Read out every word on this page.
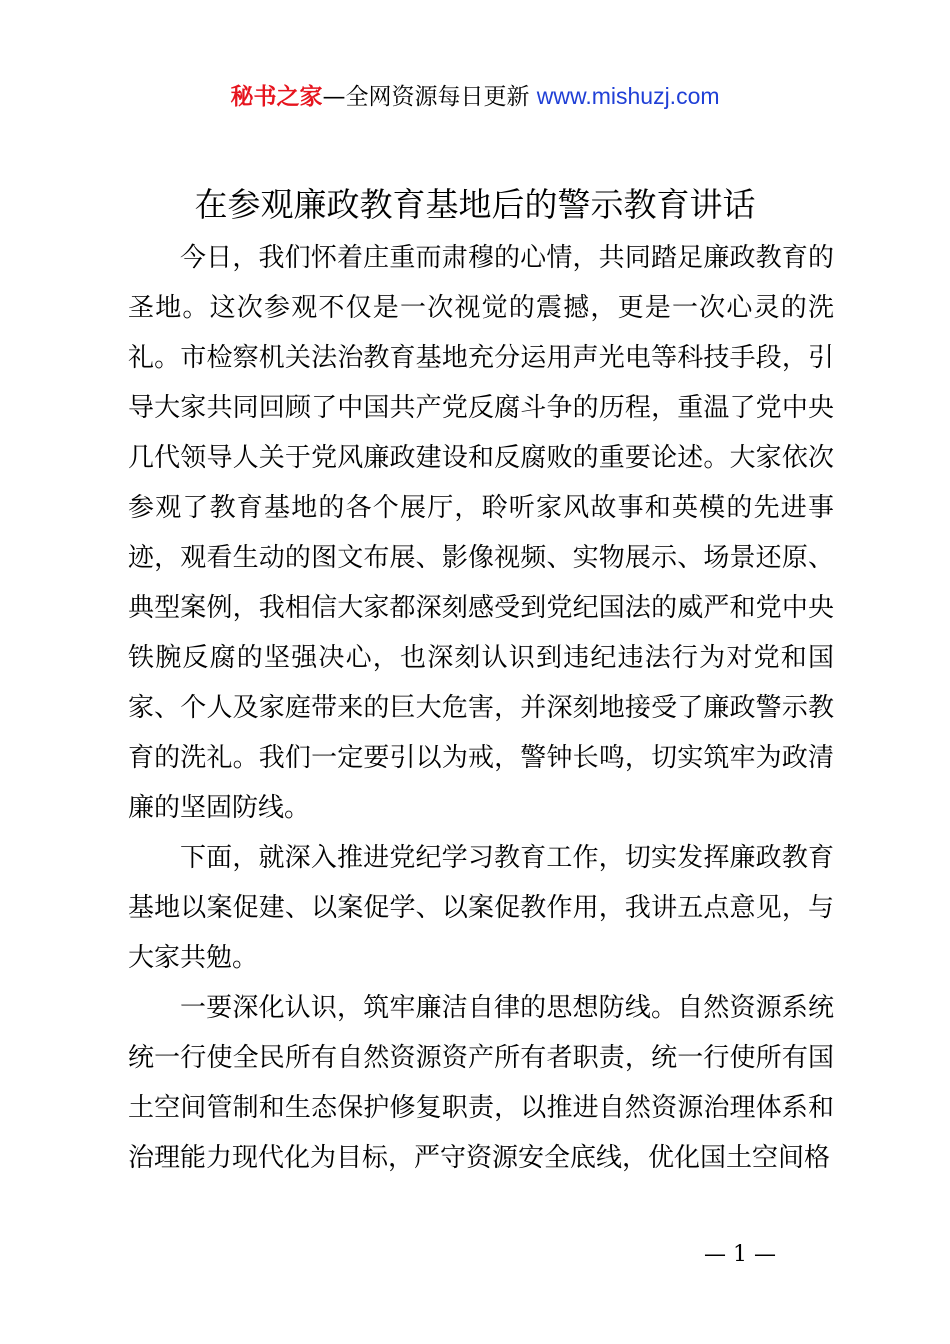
秘书之家—全网资源每日更新 www.mishuzj.com
在参观廉政教育基地后的警示教育讲话

今日，我们怀着庄重而肃穆的心情，共同踏足廉政教育的圣地。这次参观不仅是一次视觉的震撼，更是一次心灵的洗礼。市检察机关法治教育基地充分运用声光电等科技手段，引导大家共同回顾了中国共产党反腐斗争的历程，重温了党中央几代领导人关于党风廉政建设和反腐败的重要论述。大家依次参观了教育基地的各个展厅，聆听家风故事和英模的先进事迹，观看生动的图文布展、影像视频、实物展示、场景还原、典型案例，我相信大家都深刻感受到党纪国法的威严和党中央铁腕反腐的坚强决心，也深刻认识到违纪违法行为对党和国家、个人及家庭带来的巨大危害，并深刻地接受了廉政警示教育的洗礼。我们一定要引以为戒，警钟长鸣，切实筑牢为政清廉的坚固防线。

下面，就深入推进党纪学习教育工作，切实发挥廉政教育基地以案促建、以案促学、以案促教作用，我讲五点意见，与大家共勉。

一要深化认识，筑牢廉洁自律的思想防线。自然资源系统统一行使全民所有自然资源资产所有者职责，统一行使所有国土空间管制和生态保护修复职责，以推进自然资源治理体系和治理能力现代化为目标，严守资源安全底线，优化国土空间格

— 1 —
